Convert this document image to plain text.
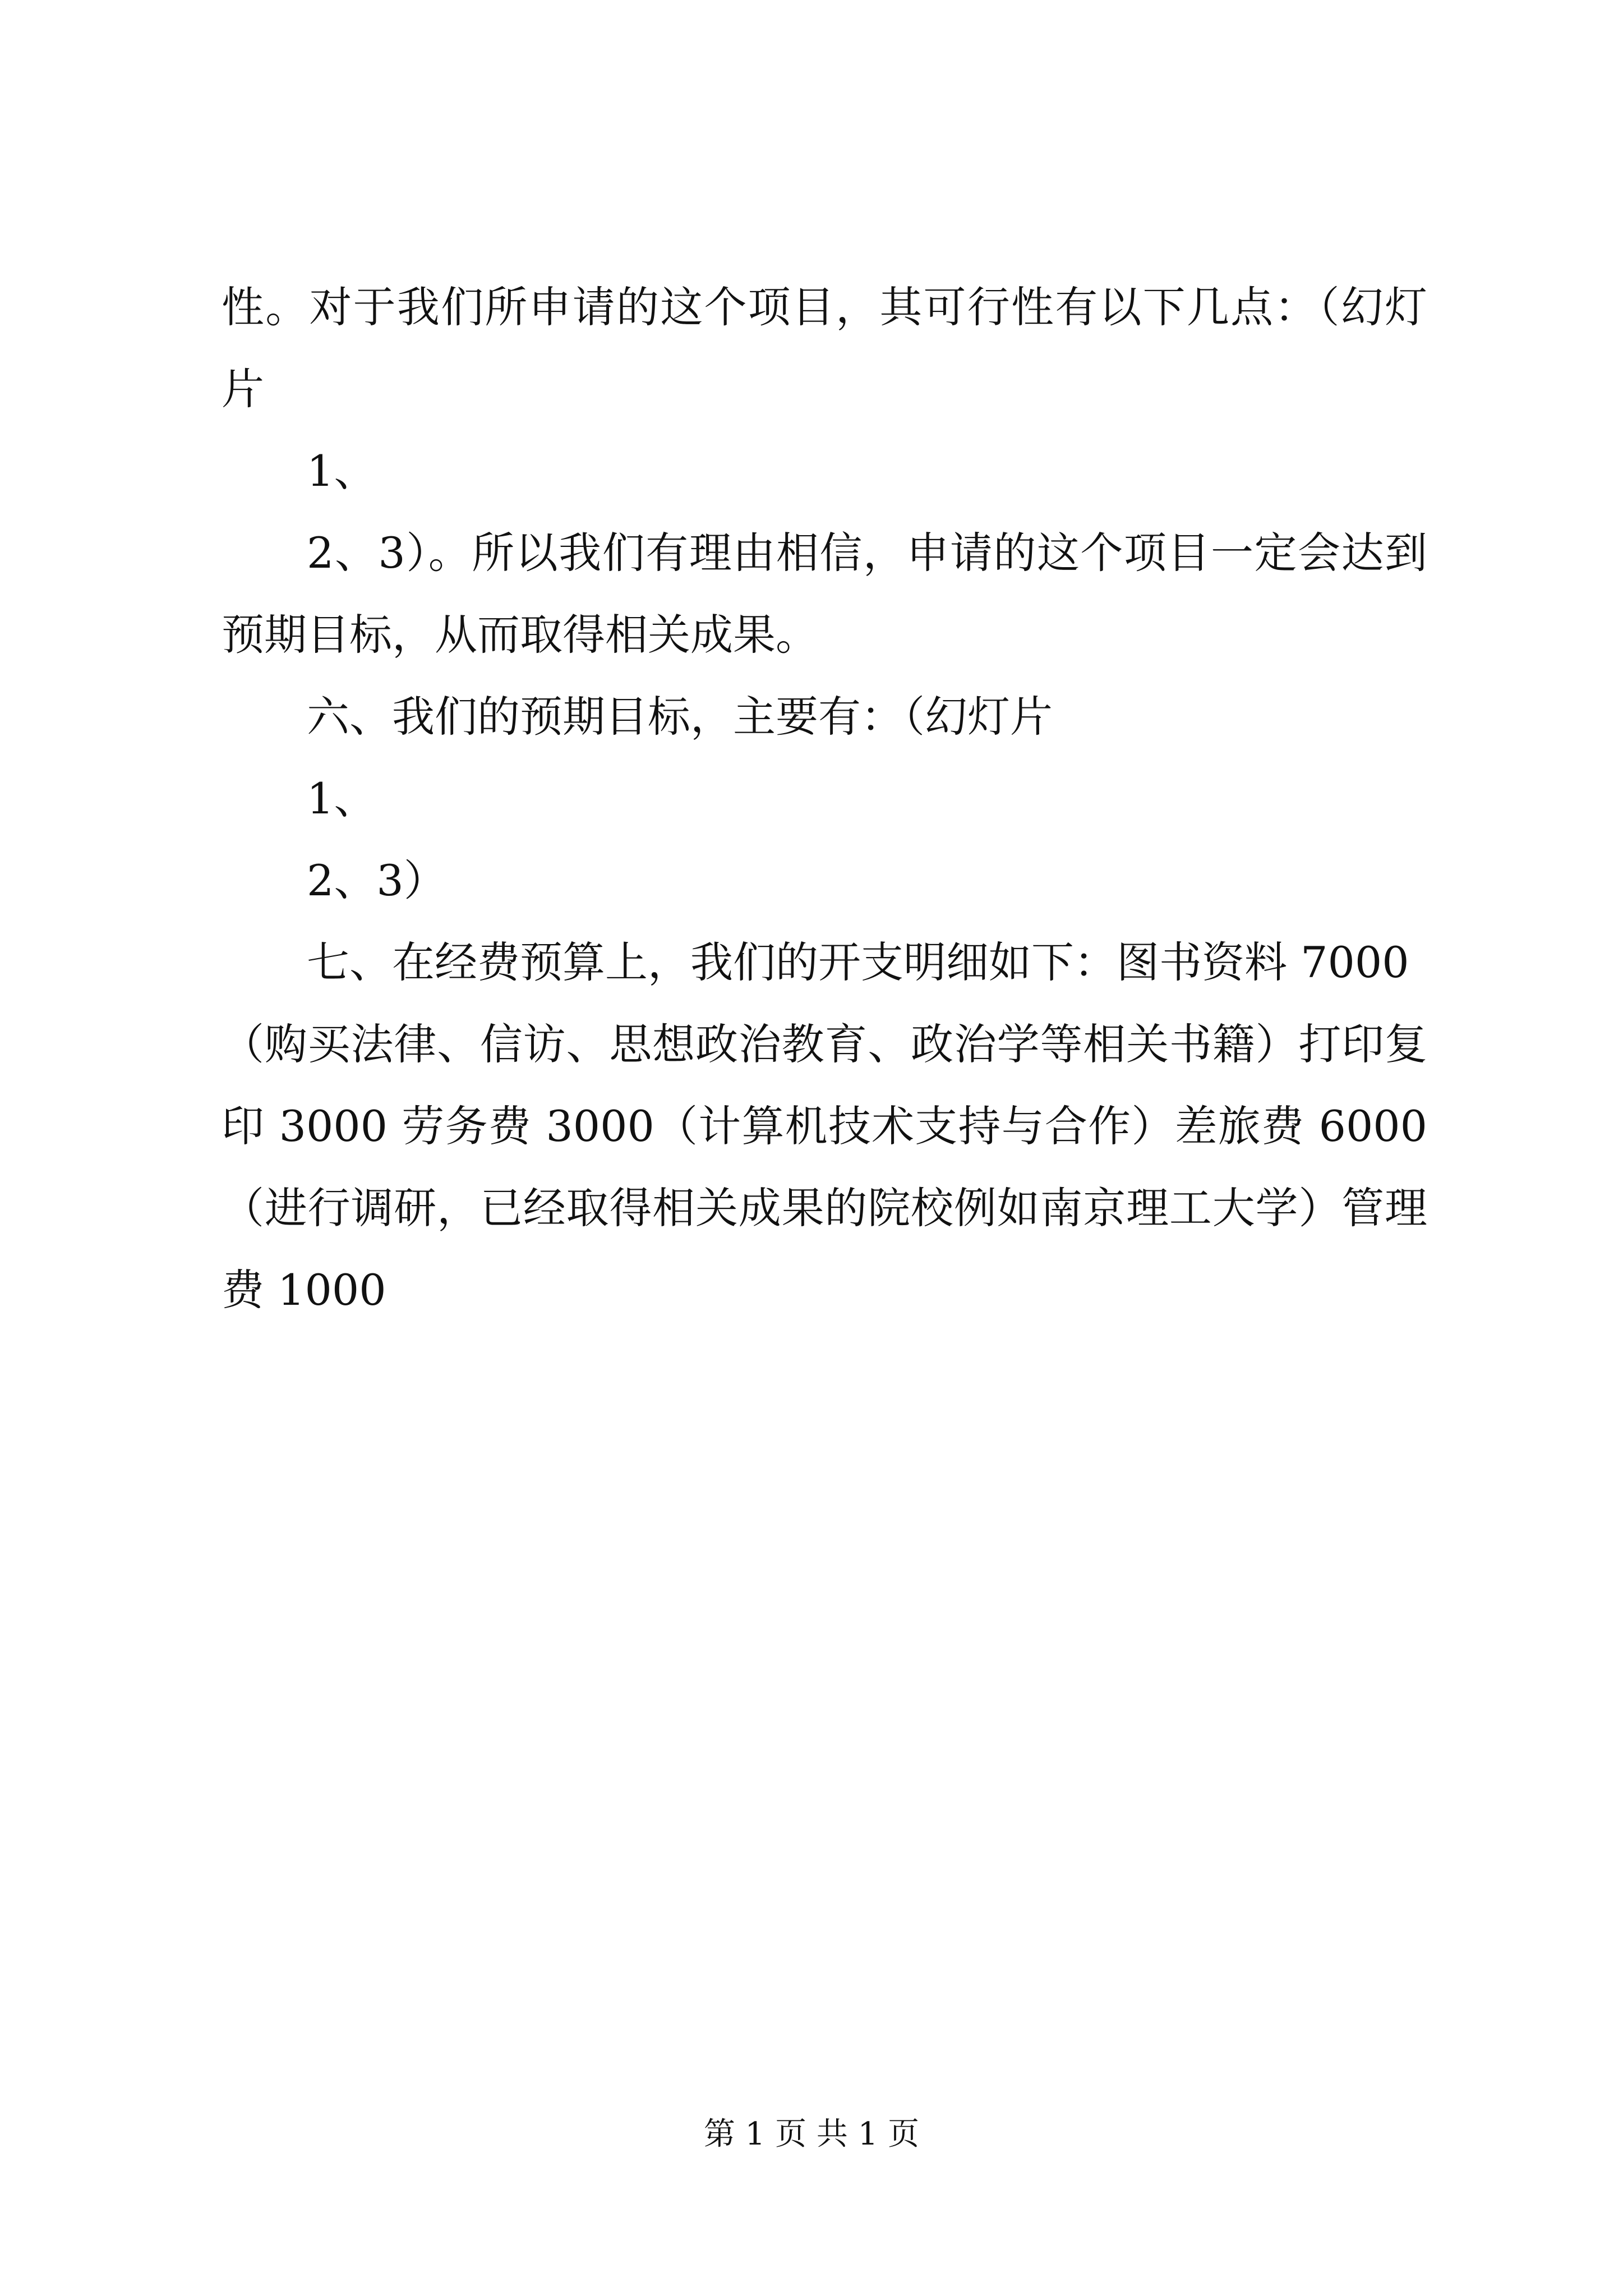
性。对于我们所申请的这个项目，其可行性有以下几点：（幻灯片

1、

2、3）。所以我们有理由相信，申请的这个项目一定会达到预期目标，从而取得相关成果。

六、我们的预期目标，主要有：（幻灯片

1、

2、3）

七、在经费预算上，我们的开支明细如下：图书资料 7000

（购买法律、信访、思想政治教育、政治学等相关书籍）打印复印 3000 劳务费 3000（计算机技术支持与合作）差旅费 6000（进行调研，已经取得相关成果的院校例如南京理工大学）管理费 1000

第 1 页 共 1 页
